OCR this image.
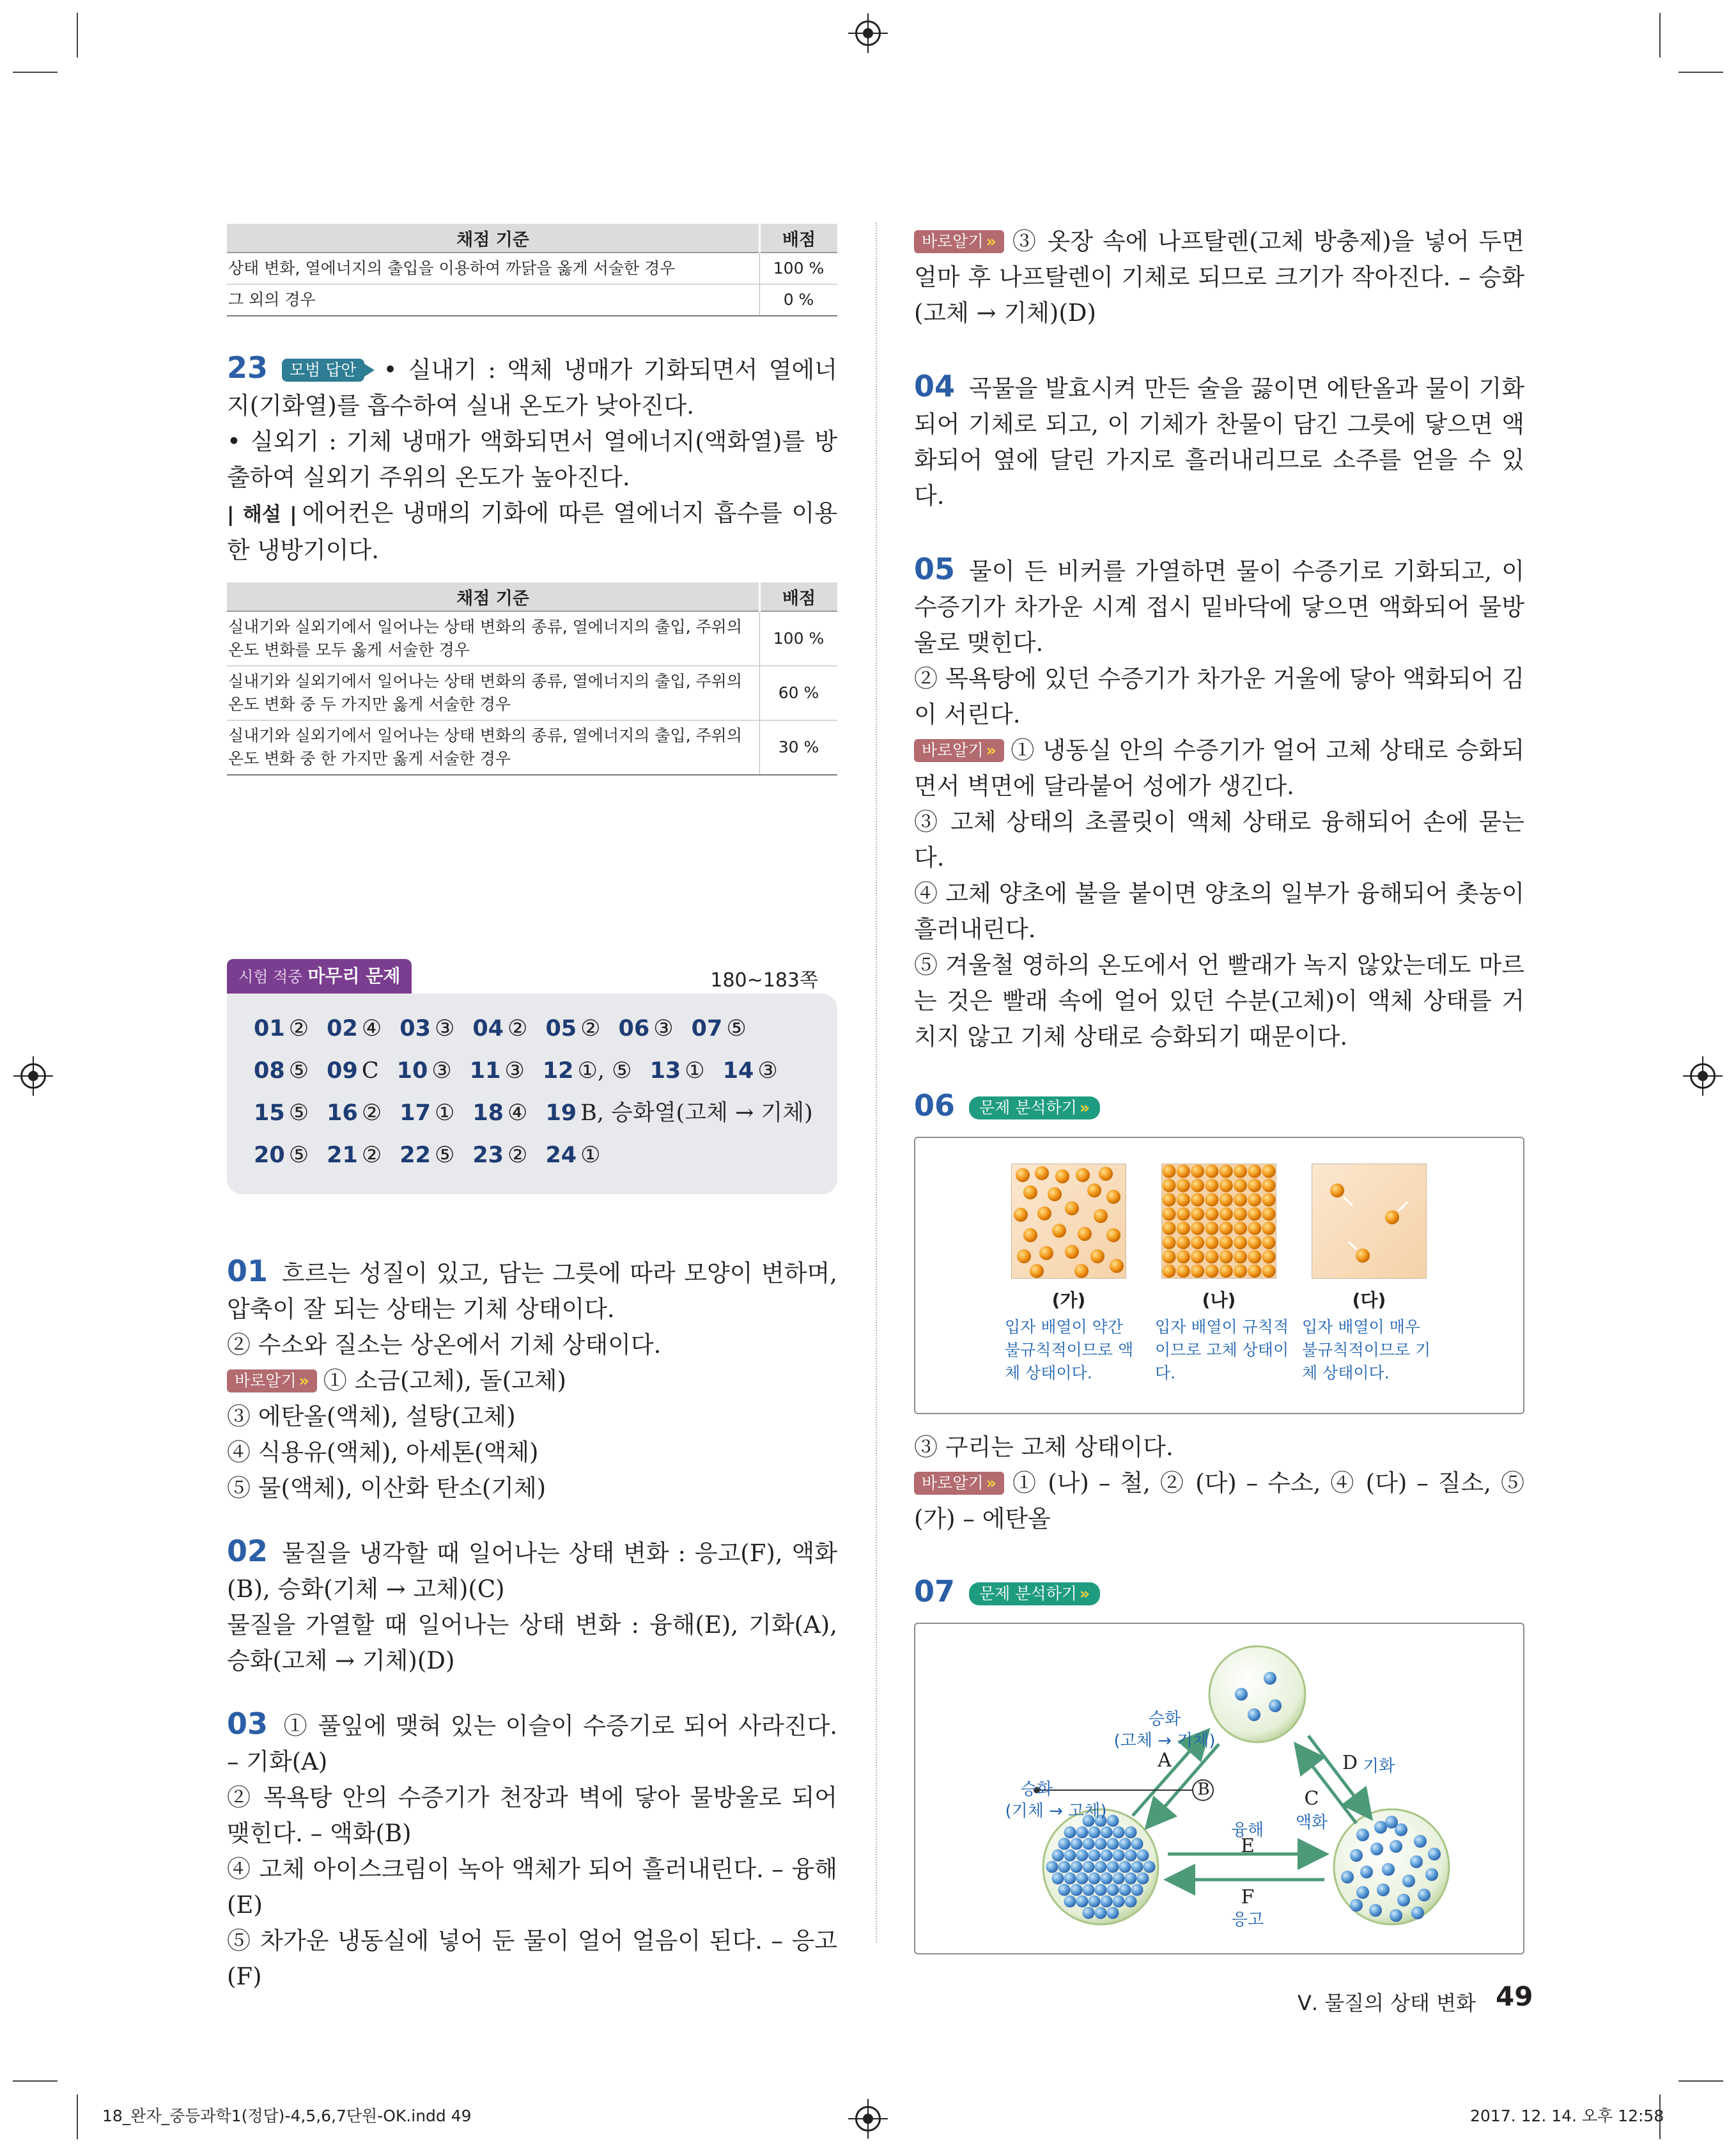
채점 기준	배점
상태 변화, 열에너지의 출입을 이용하여 까닭을 옳게 서술한 경우	100 %
그 외의 경우	0 %

23 모범 답안 • 실내기 : 액체 냉매가 기화되면서 열에너지(기화열)를 흡수하여 실내 온도가 낮아진다.

• 실외기 : 기체 냉매가 액화되면서 열에너지(액화열)를 방출하여 실외기 주위의 온도가 높아진다.

| 해설 | 에어컨은 냉매의 기화에 따른 열에너지 흡수를 이용한 냉방기이다.

채점 기준	배점
실내기와 실외기에서 일어나는 상태 변화의 종류, 열에너지의 출입, 주위의 온도 변화를 모두 옳게 서술한 경우	100 %
실내기와 실외기에서 일어나는 상태 변화의 종류, 열에너지의 출입, 주위의 온도 변화 중 두 가지만 옳게 서술한 경우	60 %
실내기와 실외기에서 일어나는 상태 변화의 종류, 열에너지의 출입, 주위의 온도 변화 중 한 가지만 옳게 서술한 경우	30 %
시험 적중 마무리 문제	180~183쪽
01 ② 02 ④ 03 ③ 04 ② 05 ② 06 ③ 07 ⑤
08 ⑤ 09 C 10 ③ 11 ③ 12 ①, ⑤ 13 ① 14 ③
15 ⑤ 16 ② 17 ① 18 ④ 19 B, 승화열(고체 → 기체)
20 ⑤ 21 ② 22 ⑤ 23 ② 24 ①

01 흐르는 성질이 있고, 담는 그릇에 따라 모양이 변하며, 압축이 잘 되는 상태는 기체 상태이다.

② 수소와 질소는 상온에서 기체 상태이다.

바로알기 » ① 소금(고체), 돌(고체)

③ 에탄올(액체), 설탕(고체)

④ 식용유(액체), 아세톤(액체)

⑤ 물(액체), 이산화 탄소(기체)

02 물질을 냉각할 때 일어나는 상태 변화 : 응고(F), 액화(B), 승화(기체 → 고체)(C)

물질을 가열할 때 일어나는 상태 변화 : 융해(E), 기화(A), 승화(고체 → 기체)(D)

03 ① 풀잎에 맺혀 있는 이슬이 수증기로 되어 사라진다. – 기화(A)

② 목욕탕 안의 수증기가 천장과 벽에 닿아 물방울로 되어 맺힌다. – 액화(B)

④ 고체 아이스크림이 녹아 액체가 되어 흘러내린다. – 융해(E)

⑤ 차가운 냉동실에 넣어 둔 물이 얼어 얼음이 된다. – 응고(F)

바로알기 » ③ 옷장 속에 나프탈렌(고체 방충제)을 넣어 두면 얼마 후 나프탈렌이 기체로 되므로 크기가 작아진다. – 승화(고체 → 기체)(D)

04 곡물을 발효시켜 만든 술을 끓이면 에탄올과 물이 기화되어 기체로 되고, 이 기체가 찬물이 담긴 그릇에 닿으면 액화되어 옆에 달린 가지로 흘러내리므로 소주를 얻을 수 있다.

05 물이 든 비커를 가열하면 물이 수증기로 기화되고, 이 수증기가 차가운 시계 접시 밑바닥에 닿으면 액화되어 물방울로 맺힌다.

② 목욕탕에 있던 수증기가 차가운 거울에 닿아 액화되어 김이 서린다.

바로알기 » ① 냉동실 안의 수증기가 얼어 고체 상태로 승화되면서 벽면에 달라붙어 성에가 생긴다.

③ 고체 상태의 초콜릿이 액체 상태로 융해되어 손에 묻는다.

④ 고체 양초에 불을 붙이면 양초의 일부가 융해되어 촛농이 흘러내린다.

⑤ 겨울철 영하의 온도에서 언 빨래가 녹지 않았는데도 마르는 것은 빨래 속에 얼어 있던 수분(고체)이 액체 상태를 거치지 않고 기체 상태로 승화되기 때문이다.

06 문제 분석하기 »
(가)	(나)	(다)
입자 배열이 약간 불규칙적이므로 액체 상태이다.
입자 배열이 규칙적이므로 고체 상태이다.
입자 배열이 매우 불규칙적이므로 기체 상태이다.

③ 구리는 고체 상태이다.

바로알기 » ① (나) – 철, ② (다) – 수소, ④ (다) – 질소, ⑤ (가) – 에탄올

07 문제 분석하기 »
승화
(고체 → 기체)
A
B
승화
(기체 → 고체)
D 기화
C
액화
융해
E
F
응고
Ⅴ. 물질의 상태 변화 49
18_완자_중등과학1(정답)-4,5,6,7단원-OK.indd 49	2017. 12. 14. 오후 12:58
